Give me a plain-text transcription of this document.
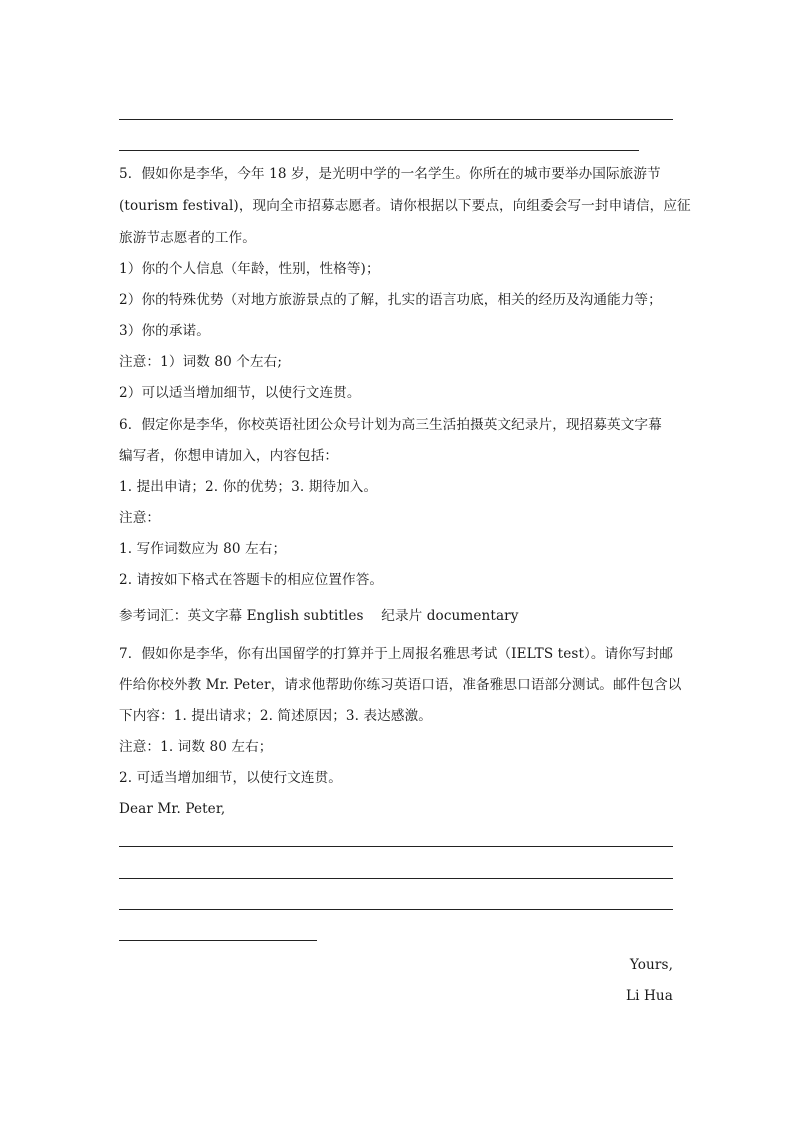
5．假如你是李华，今年 18 岁，是光明中学的一名学生。你所在的城市要举办国际旅游节

(tourism festival)，现向全市招募志愿者。请你根据以下要点，向组委会写一封申请信，应征

旅游节志愿者的工作。

1）你的个人信息（年龄，性别，性格等)；

2）你的特殊优势（对地方旅游景点的了解，扎实的语言功底，相关的经历及沟通能力等；

3）你的承诺。

注意：1）词数 80 个左右;

2）可以适当增加细节，以使行文连贯。

6．假定你是李华，你校英语社团公众号计划为高三生活拍摄英文纪录片，现招募英文字幕

编写者，你想申请加入，内容包括：

1. 提出申请；2. 你的优势；3. 期待加入。

注意：

1. 写作词数应为 80 左右；

2. 请按如下格式在答题卡的相应位置作答。

参考词汇：英文字幕 English subtitles    纪录片 documentary

7．假如你是李华，你有出国留学的打算并于上周报名雅思考试（IELTS test）。请你写封邮

件给你校外教 Mr. Peter，请求他帮助你练习英语口语，准备雅思口语部分测试。邮件包含以

下内容：1. 提出请求；2. 简述原因；3. 表达感激。

注意：1. 词数 80 左右；

2. 可适当增加细节，以使行文连贯。

Dear Mr. Peter,

Yours,

Li Hua
